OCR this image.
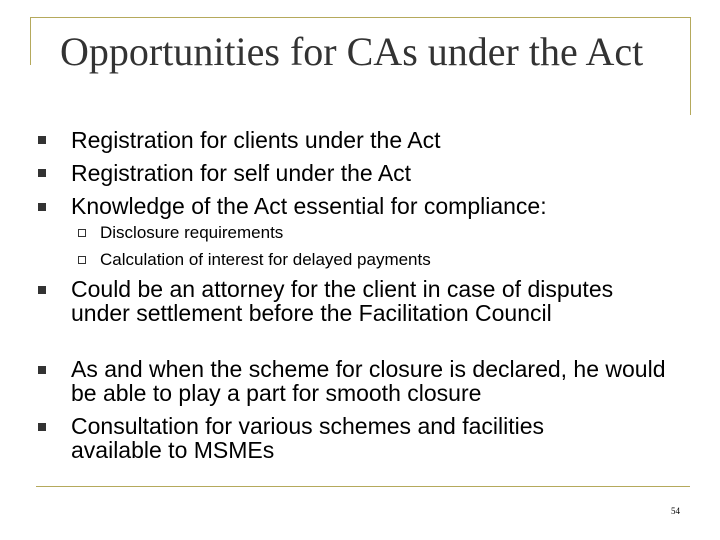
Opportunities for CAs under the Act

Registration for clients under the Act

Registration for self under the Act

Knowledge of the Act essential for compliance:

Disclosure requirements

Calculation of interest for delayed payments

Could be an attorney for the client in case of disputes under settlement before the Facilitation Council

As and when the scheme for closure is declared, he would be able to play a part for smooth closure

Consultation for various schemes and facilities available to MSMEs

54
